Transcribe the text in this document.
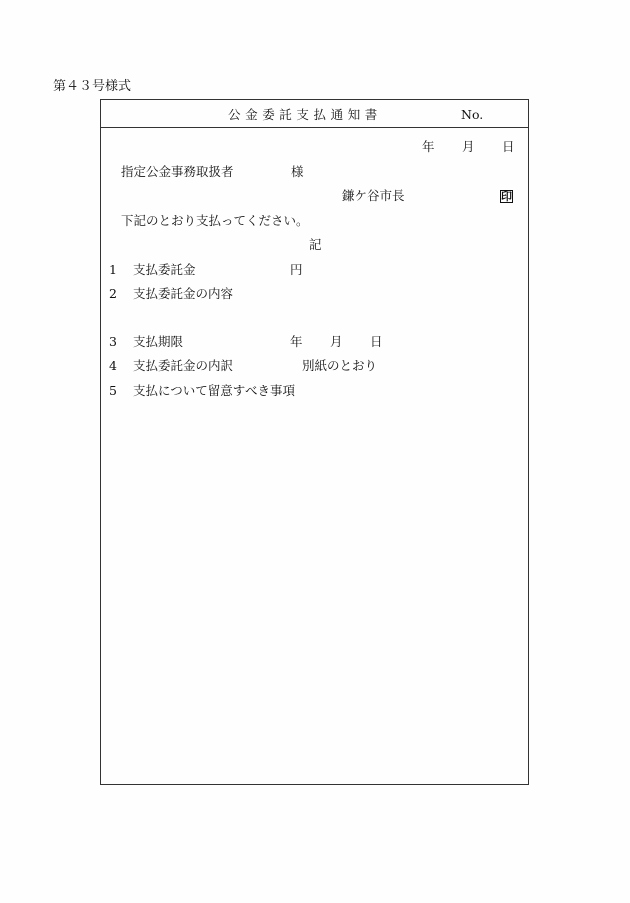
第４３号様式
公金委託支払通知書	No.
年 月 日
指定公金事務取扱者	様
鎌ケ谷市長	印
下記のとおり支払ってください。
記
1 支払委託金	円
2 支払委託金の内容
3 支払期限	年 月 日
4 支払委託金の内訳	別紙のとおり
5 支払について留意すべき事項
